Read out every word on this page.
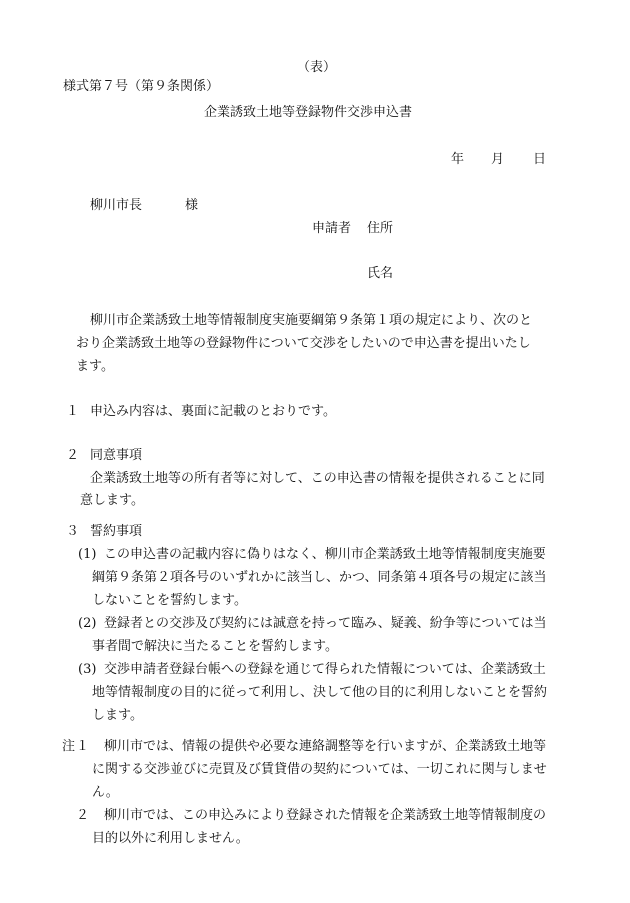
（表）
様式第７号（第９条関係）
企業誘致土地等登録物件交渉申込書
年 月 日
柳川市長	様
申請者 住所
氏名
柳川市企業誘致土地等情報制度実施要綱第９条第１項の規定により、次のと
おり企業誘致土地等の登録物件について交渉をしたいので申込書を提出いたし
ます。
１ 申込み内容は、裏面に記載のとおりです。
２ 同意事項
企業誘致土地等の所有者等に対して、この申込書の情報を提供されることに同
意します。
３ 誓約事項
(1) この申込書の記載内容に偽りはなく、柳川市企業誘致土地等情報制度実施要
綱第９条第２項各号のいずれかに該当し、かつ、同条第４項各号の規定に該当
しないことを誓約します。
(2) 登録者との交渉及び契約には誠意を持って臨み、疑義、紛争等については当
事者間で解決に当たることを誓約します。
(3) 交渉申請者登録台帳への登録を通じて得られた情報については、企業誘致土
地等情報制度の目的に従って利用し、決して他の目的に利用しないことを誓約
します。
注 １ 柳川市では、情報の提供や必要な連絡調整等を行いますが、企業誘致土地等
に関する交渉並びに売買及び賃貸借の契約については、一切これに関与しませ
ん。
２ 柳川市では、この申込みにより登録された情報を企業誘致土地等情報制度の
目的以外に利用しません。
